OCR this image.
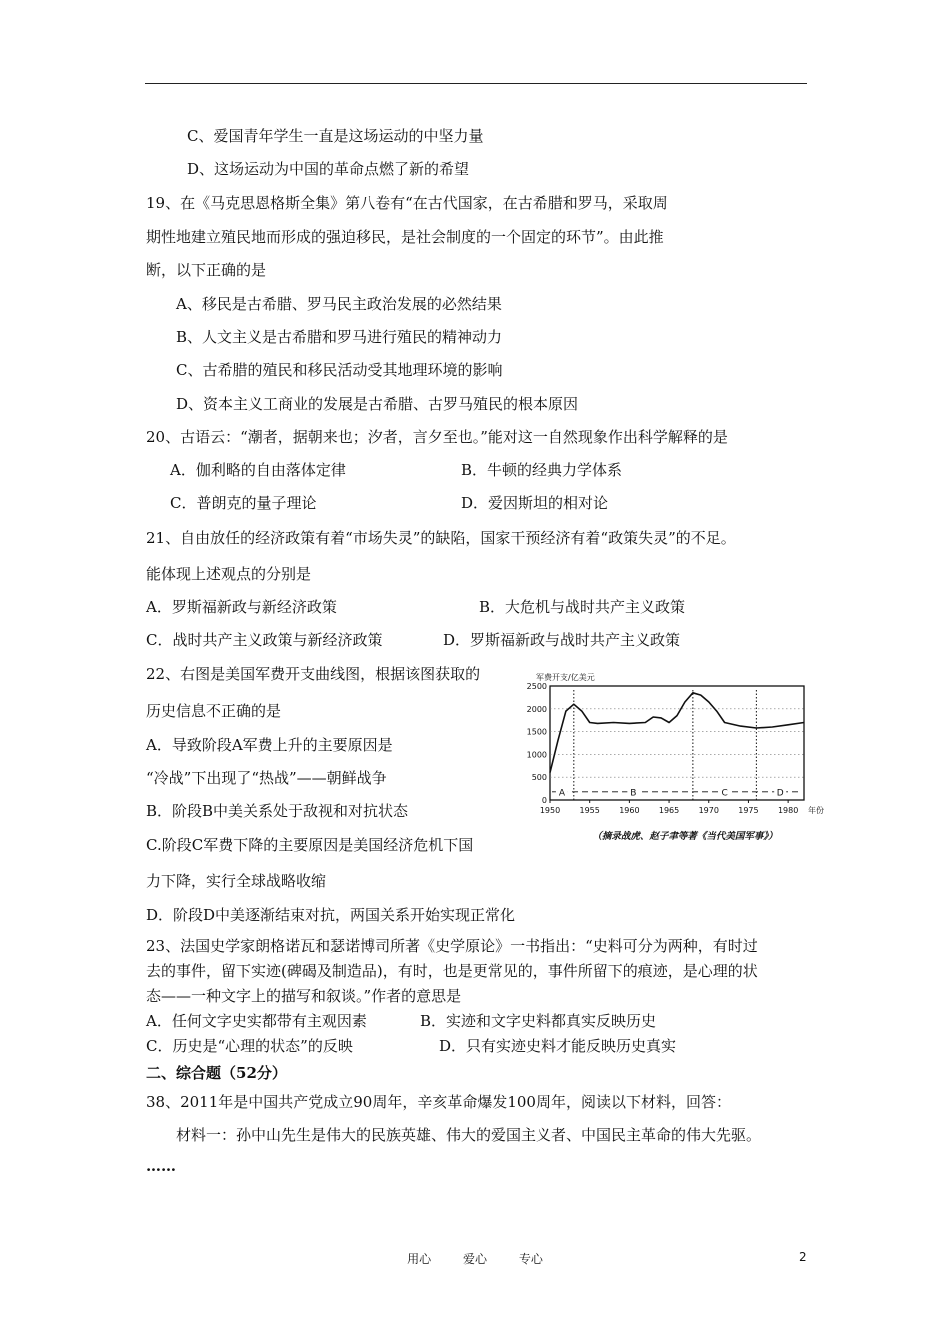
C、爱国青年学生一直是这场运动的中坚力量
D、这场运动为中国的革命点燃了新的希望
19、在《马克思恩格斯全集》第八卷有“在古代国家，在古希腊和罗马，采取周
期性地建立殖民地而形成的强迫移民，是社会制度的一个固定的环节”。由此推
断，以下正确的是
A、移民是古希腊、罗马民主政治发展的必然结果
B、人文主义是古希腊和罗马进行殖民的精神动力
C、古希腊的殖民和移民活动受其地理环境的影响
D、资本主义工商业的发展是古希腊、古罗马殖民的根本原因
20、古语云：“潮者，据朝来也；汐者，言夕至也。”能对这一自然现象作出科学解释的是
A．伽利略的自由落体定律	B．牛顿的经典力学体系
C．普朗克的量子理论	D．爱因斯坦的相对论
21、自由放任的经济政策有着“市场失灵”的缺陷，国家干预经济有着“政策失灵”的不足。
能体现上述观点的分别是
A．罗斯福新政与新经济政策	B．大危机与战时共产主义政策
C．战时共产主义政策与新经济政策	D．罗斯福新政与战时共产主义政策
22、右图是美国军费开支曲线图，根据该图获取的
历史信息不正确的是
A．导致阶段A军费上升的主要原因是
“冷战”下出现了“热战”——朝鲜战争
B．阶段B中美关系处于敌视和对抗状态
C.阶段C军费下降的主要原因是美国经济危机下国
力下降，实行全球战略收缩
D．阶段D中美逐渐结束对抗，两国关系开始实现正常化
23、法国史学家朗格诺瓦和瑟诺博司所著《史学原论》一书指出：“史料可分为两种，有时过
去的事件，留下实迹(碑碣及制造品)，有时，也是更常见的，事件所留下的痕迹，是心理的状
态——一种文字上的描写和叙谈。”作者的意思是
A．任何文字史实都带有主观因素	B．实迹和文字史料都真实反映历史
C．历史是“心理的状态”的反映	D．只有实迹史料才能反映历史真实
二、综合题（52分）
38、2011年是中国共产党成立90周年，辛亥革命爆发100周年，阅读以下材料，回答：
材料一：孙中山先生是伟大的民族英雄、伟大的爱国主义者、中国民主革命的伟大先驱。
……
0
500
1000
1500
2000
2500
1950 1955 1960 1965 1970 1975 1980
A	B	C	D
军费开支/亿美元
年份
（摘录战虎、赵子聿等著《当代美国军事》）
用心	爱心	专心	2
